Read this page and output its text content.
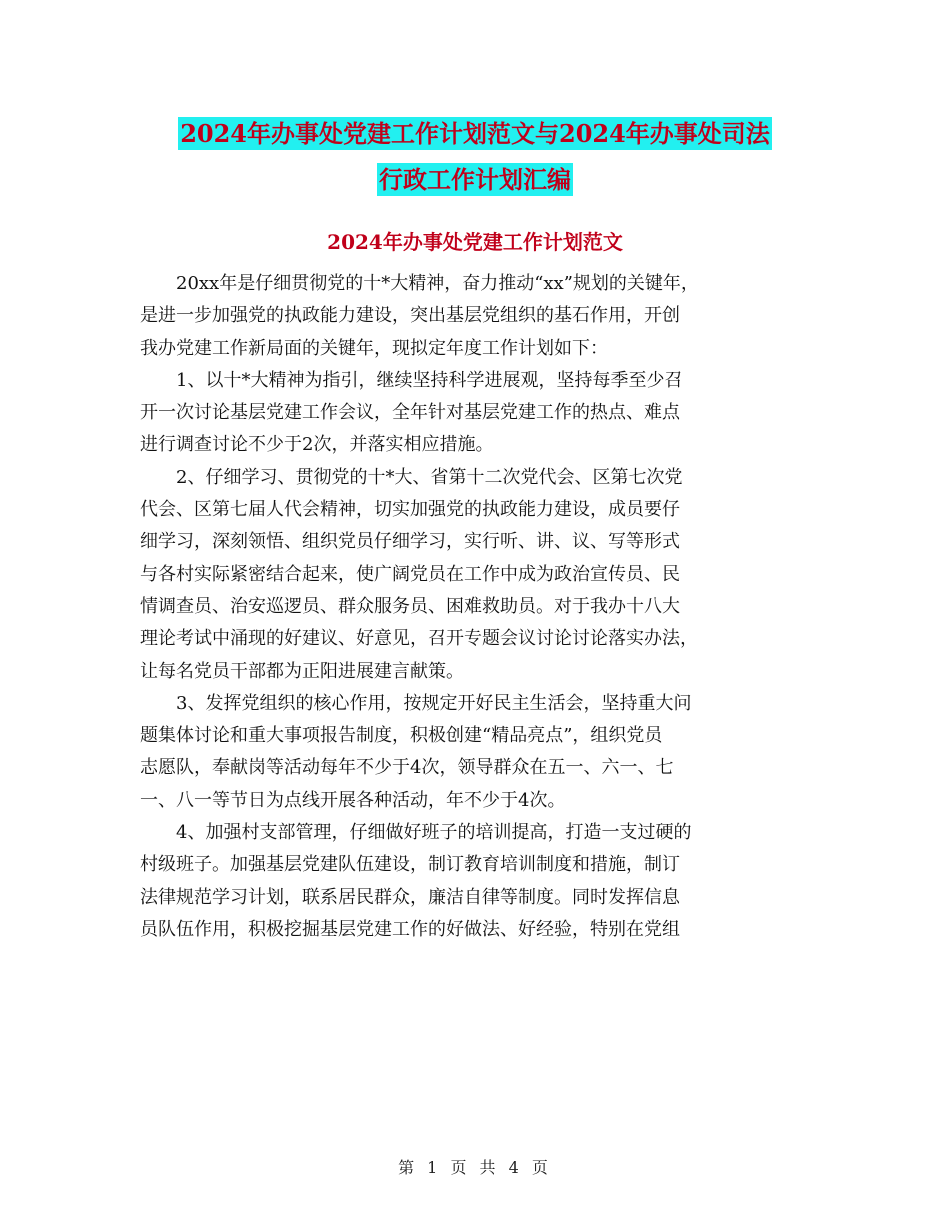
2024年办事处党建工作计划范文与2024年办事处司法
行政工作计划汇编
2024年办事处党建工作计划范文

20xx年是仔细贯彻党的十*大精神，奋力推动“xx”规划的关键年，
是进一步加强党的执政能力建设，突出基层党组织的基石作用，开创
我办党建工作新局面的关键年，现拟定年度工作计划如下：

1、以十*大精神为指引，继续坚持科学进展观，坚持每季至少召
开一次讨论基层党建工作会议，全年针对基层党建工作的热点、难点
进行调查讨论不少于2次，并落实相应措施。

2、仔细学习、贯彻党的十*大、省第十二次党代会、区第七次党
代会、区第七届人代会精神，切实加强党的执政能力建设，成员要仔
细学习，深刻领悟、组织党员仔细学习，实行听、讲、议、写等形式
与各村实际紧密结合起来，使广阔党员在工作中成为政治宣传员、民
情调查员、治安巡逻员、群众服务员、困难救助员。对于我办十八大
理论考试中涌现的好建议、好意见，召开专题会议讨论讨论落实办法，
让每名党员干部都为正阳进展建言献策。

3、发挥党组织的核心作用，按规定开好民主生活会，坚持重大问
题集体讨论和重大事项报告制度，积极创建“精品亮点”，组织党员
志愿队，奉献岗等活动每年不少于4次，领导群众在五一、六一、七
一、八一等节日为点线开展各种活动，年不少于4次。

4、加强村支部管理，仔细做好班子的培训提高，打造一支过硬的
村级班子。加强基层党建队伍建设，制订教育培训制度和措施，制订
法律规范学习计划，联系居民群众，廉洁自律等制度。同时发挥信息
员队伍作用，积极挖掘基层党建工作的好做法、好经验，特别在党组

第 1 页 共 4 页
